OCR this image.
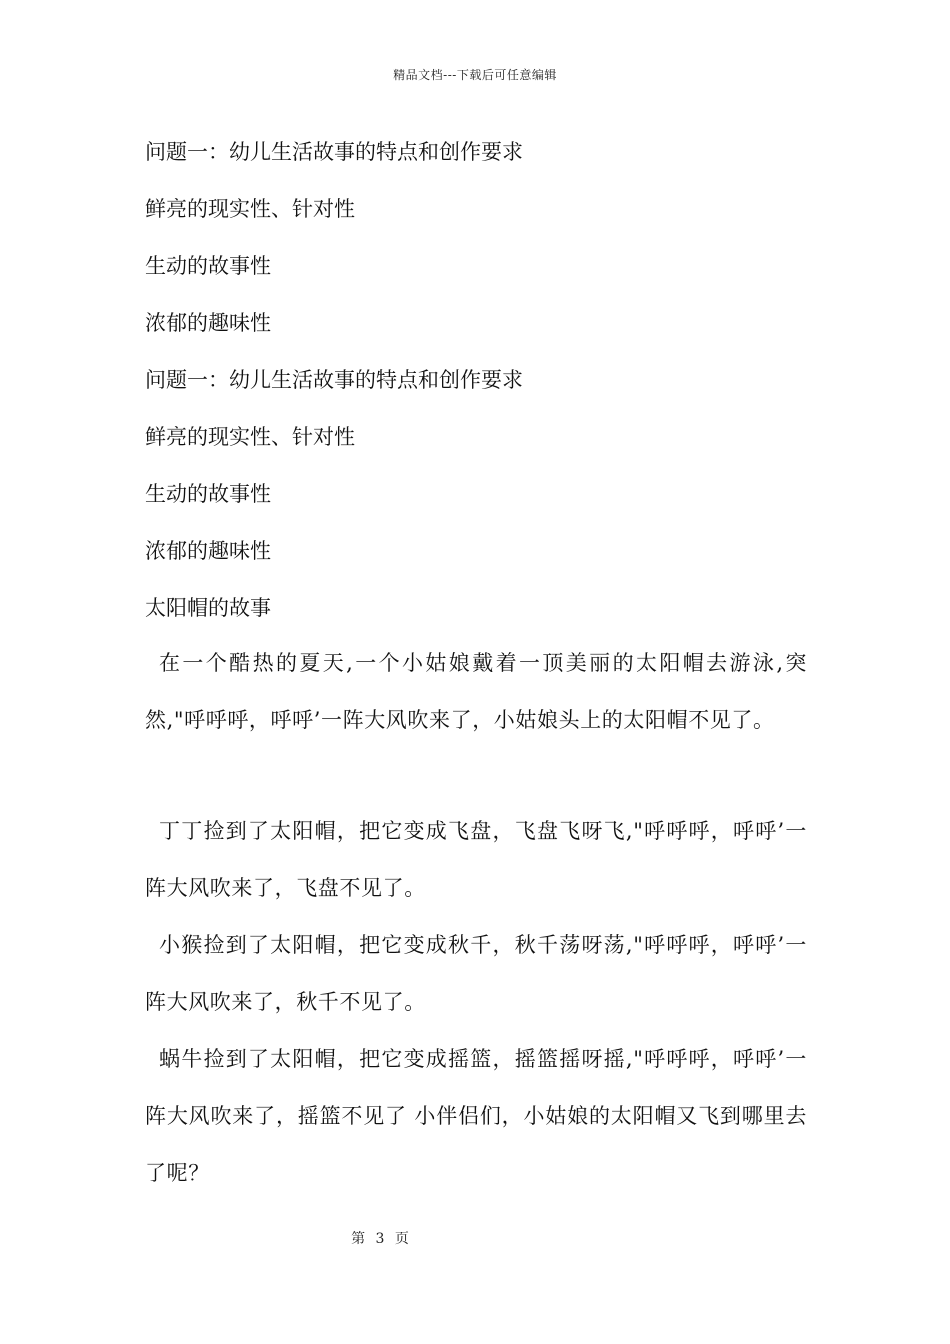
精品文档---下载后可任意编辑
问题一：幼儿生活故事的特点和创作要求
鲜亮的现实性、针对性
生动的故事性
浓郁的趣味性
问题一：幼儿生活故事的特点和创作要求
鲜亮的现实性、针对性
生动的故事性
浓郁的趣味性
太阳帽的故事
在一个酷热的夏天,一个小姑娘戴着一顶美丽的太阳帽去游泳,突然,"呼呼呼，呼呼’一阵大风吹来了，小姑娘头上的太阳帽不见了。
丁丁捡到了太阳帽，把它变成飞盘，飞盘飞呀飞,"呼呼呼，呼呼’一阵大风吹来了，飞盘不见了。
小猴捡到了太阳帽，把它变成秋千，秋千荡呀荡,"呼呼呼，呼呼’一阵大风吹来了，秋千不见了。
蜗牛捡到了太阳帽，把它变成摇篮，摇篮摇呀摇,"呼呼呼，呼呼’一阵大风吹来了，摇篮不见了 小伴侣们，小姑娘的太阳帽又飞到哪里去了呢？
第 3 页
